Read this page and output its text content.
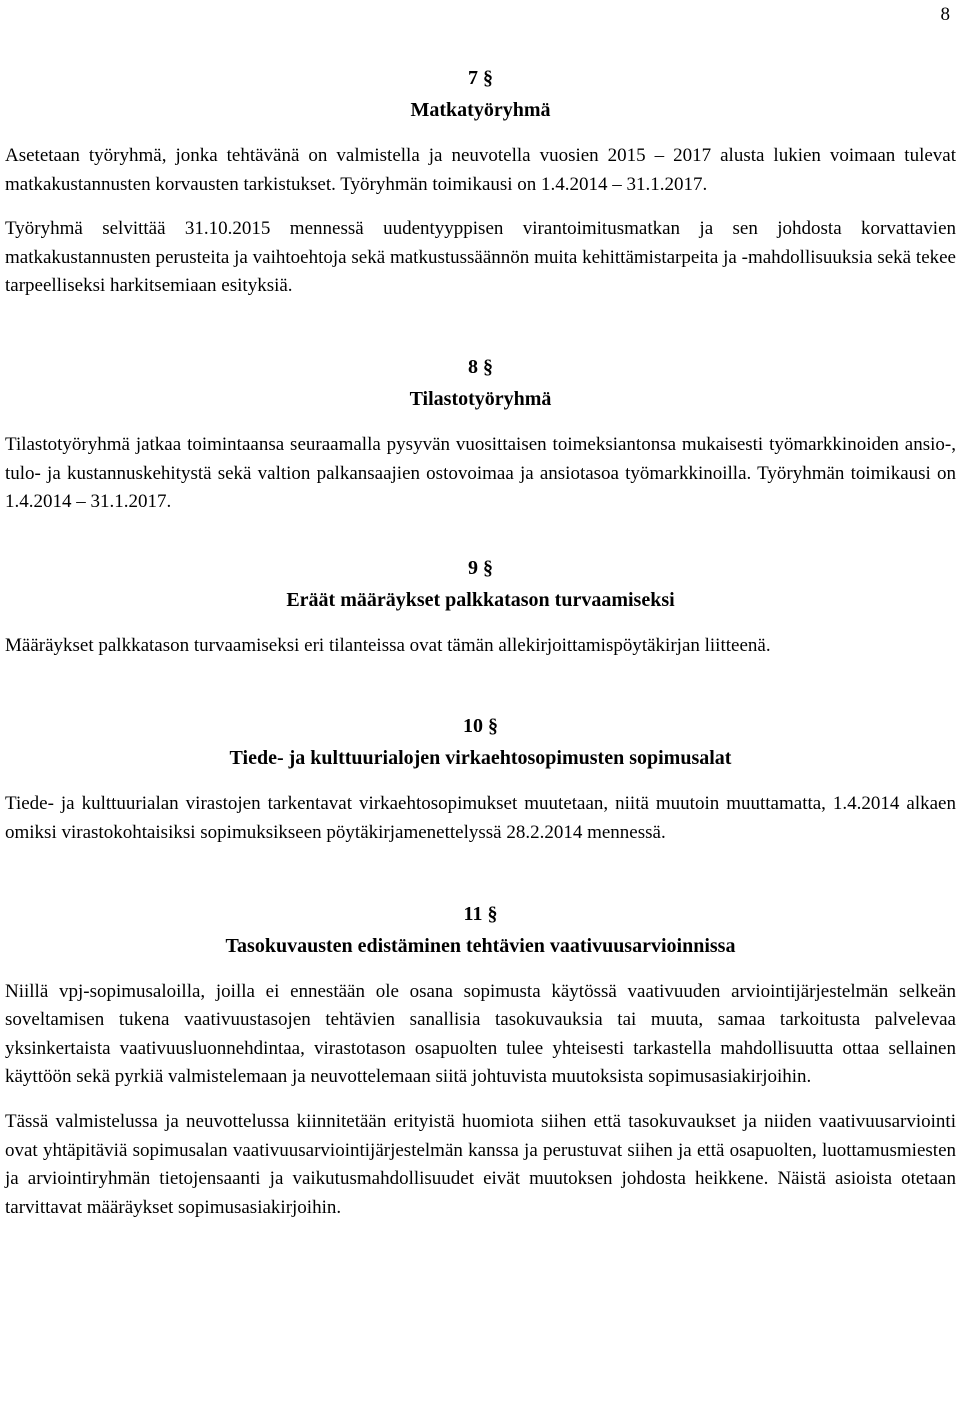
8
7 §
Matkatyöryhmä

Asetetaan työryhmä, jonka tehtävänä on valmistella ja neuvotella vuosien 2015 – 2017 alusta lukien voimaan tulevat matkakustannusten korvausten tarkistukset. Työryhmän toimikausi on 1.4.2014 – 31.1.2017.

Työryhmä selvittää 31.10.2015 mennessä uudentyyppisen virantoimitusmatkan ja sen johdosta korvattavien matkakustannusten perusteita ja vaihtoehtoja sekä matkustussäännön muita kehittämistarpeita ja -mahdollisuuksia sekä tekee tarpeelliseksi harkitsemiaan esityksiä.

8 §
Tilastotyöryhmä

Tilastotyöryhmä jatkaa toimintaansa seuraamalla pysyvän vuosittaisen toimeksiantonsa mukaisesti työmarkkinoiden ansio-, tulo- ja kustannuskehitystä sekä valtion palkansaajien ostovoimaa ja ansiotasoa työmarkkinoilla. Työryhmän toimikausi on 1.4.2014 – 31.1.2017.

9 §
Eräät määräykset palkkatason turvaamiseksi

Määräykset palkkatason turvaamiseksi eri tilanteissa ovat tämän allekirjoittamispöytäkirjan liitteenä.

10 §
Tiede- ja kulttuurialojen virkaehtosopimusten sopimusalat

Tiede- ja kulttuurialan virastojen tarkentavat virkaehtosopimukset muutetaan, niitä muutoin muuttamatta, 1.4.2014 alkaen omiksi virastokohtaisiksi sopimuksikseen pöytäkirjamenettelyssä 28.2.2014 mennessä.

11 §
Tasokuvausten edistäminen tehtävien vaativuusarvioinnissa

Niillä vpj-sopimusaloilla, joilla ei ennestään ole osana sopimusta käytössä vaativuuden arviointijärjestelmän selkeän soveltamisen tukena vaativuustasojen tehtävien sanallisia tasokuvauksia tai muuta, samaa tarkoitusta palvelevaa yksinkertaista vaativuusluonnehdintaa, virastotason osapuolten tulee yhteisesti tarkastella mahdollisuutta ottaa sellainen käyttöön sekä pyrkiä valmistelemaan ja neuvottelemaan siitä johtuvista muutoksista sopimusasiakirjoihin.

Tässä valmistelussa ja neuvottelussa kiinnitetään erityistä huomiota siihen että tasokuvaukset ja niiden vaativuusarviointi ovat yhtäpitäviä sopimusalan vaativuusarviointijärjestelmän kanssa ja perustuvat siihen ja että osapuolten, luottamusmiesten ja arviointiryhmän tietojensaanti ja vaikutusmahdollisuudet eivät muutoksen johdosta heikkene. Näistä asioista otetaan tarvittavat määräykset sopimusasiakirjoihin.
